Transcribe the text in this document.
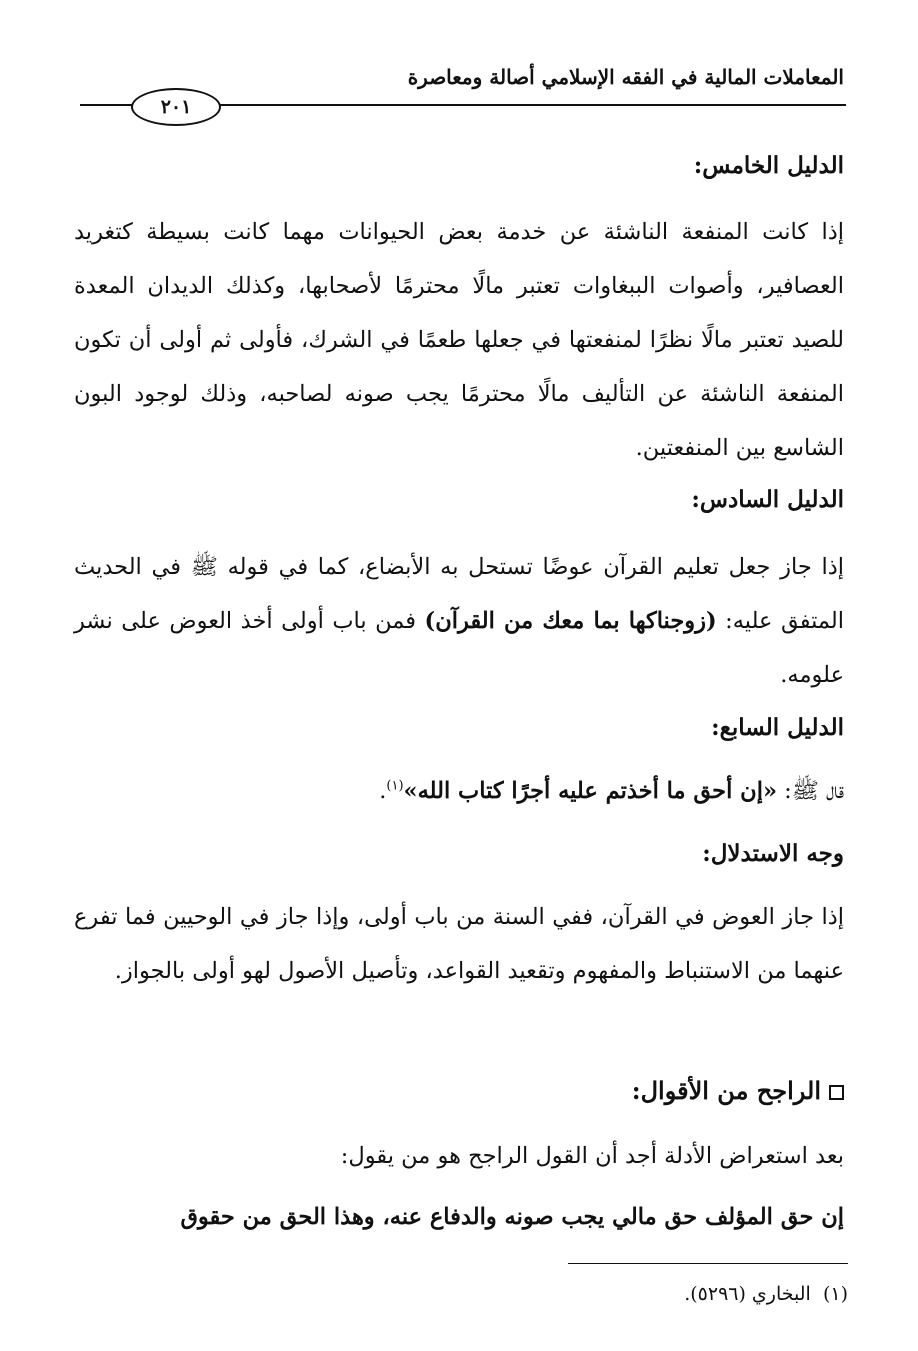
المعاملات المالية في الفقه الإسلامي أصالة ومعاصرة
٢٠١
الدليل الخامس:
إذا كانت المنفعة الناشئة عن خدمة بعض الحيوانات مهما كانت بسيطة كتغريد العصافير، وأصوات الببغاوات تعتبر مالًا محترمًا لأصحابها، وكذلك الديدان المعدة للصيد تعتبر مالًا نظرًا لمنفعتها في جعلها طعمًا في الشرك، فأولى ثم أولى أن تكون المنفعة الناشئة عن التأليف مالًا محترمًا يجب صونه لصاحبه، وذلك لوجود البون الشاسع بين المنفعتين.
الدليل السادس:
إذا جاز جعل تعليم القرآن عوضًا تستحل به الأبضاع، كما في قوله ﷺ في الحديث المتفق عليه: (زوجناكها بما معك من القرآن) فمن باب أولى أخذ العوض على نشر علومه.
الدليل السابع:
قال ﷺ: «إن أحق ما أخذتم عليه أجرًا كتاب الله»$^{(١)}$.
وجه الاستدلال:
إذا جاز العوض في القرآن، ففي السنة من باب أولى، وإذا جاز في الوحيين فما تفرع عنهما من الاستنباط والمفهوم وتقعيد القواعد، وتأصيل الأصول لهو أولى بالجواز.
الراجح من الأقوال:
بعد استعراض الأدلة أجد أن القول الراجح هو من يقول:
إن حق المؤلف حق مالي يجب صونه والدفاع عنه، وهذا الحق من حقوق
(١)  البخاري (٥٢٩٦).
